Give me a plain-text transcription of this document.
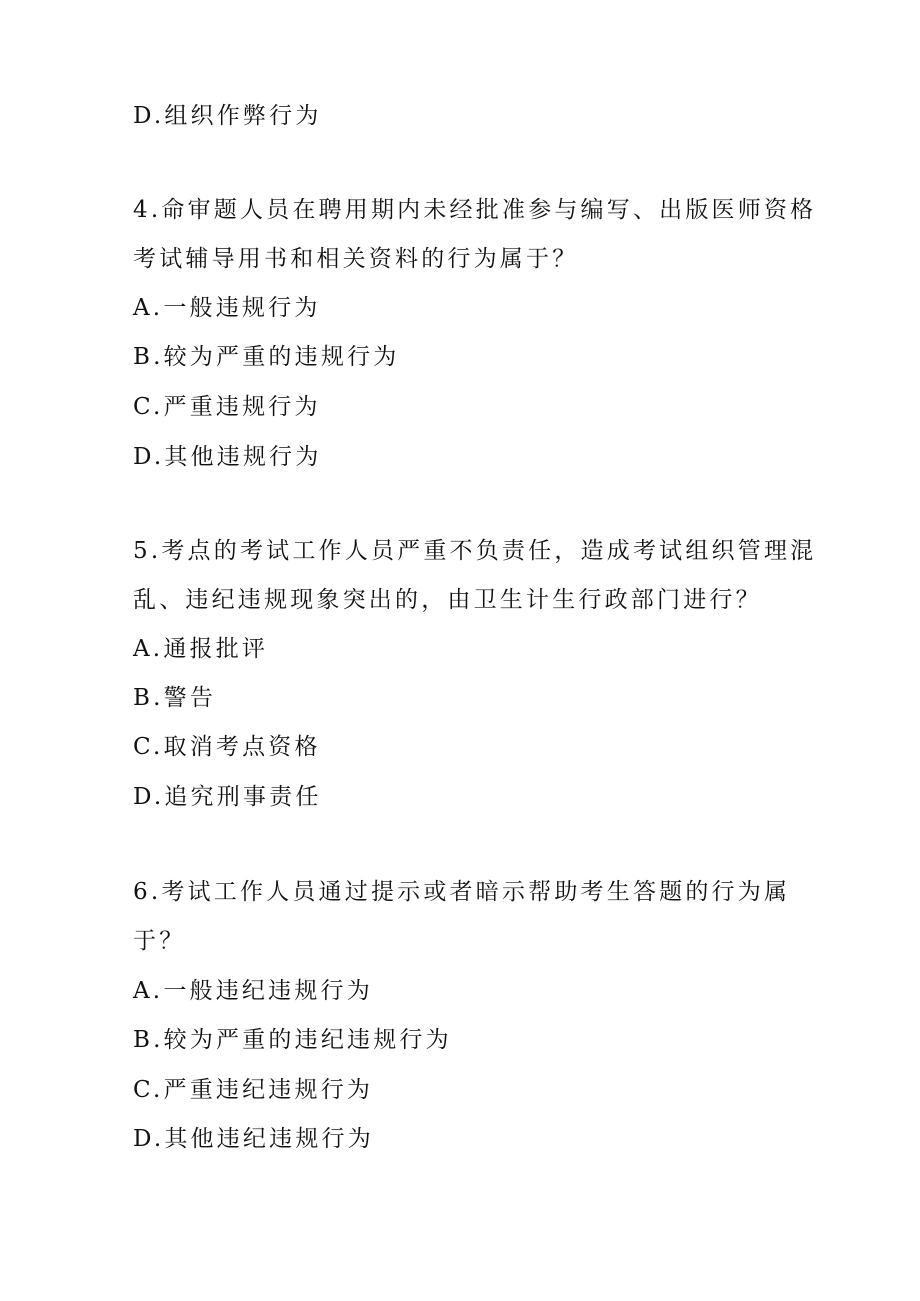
D.组织作弊行为
4.命审题人员在聘用期内未经批准参与编写、出版医师资格
考试辅导用书和相关资料的行为属于？
A.一般违规行为
B.较为严重的违规行为
C.严重违规行为
D.其他违规行为
5.考点的考试工作人员严重不负责任，造成考试组织管理混
乱、违纪违规现象突出的，由卫生计生行政部门进行？
A.通报批评
B.警告
C.取消考点资格
D.追究刑事责任
6.考试工作人员通过提示或者暗示帮助考生答题的行为属
于？
A.一般违纪违规行为
B.较为严重的违纪违规行为
C.严重违纪违规行为
D.其他违纪违规行为
